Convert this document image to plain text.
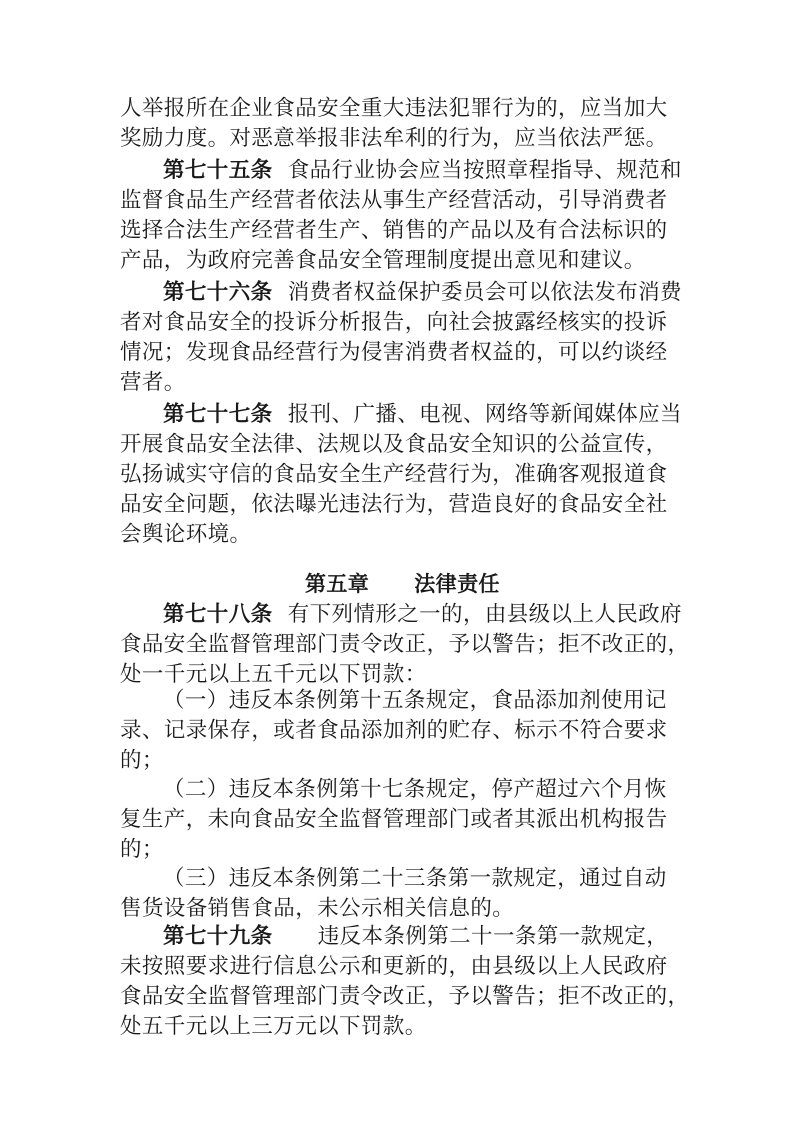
人举报所在企业食品安全重大违法犯罪行为的，应当加大
奖励力度。对恶意举报非法牟利的行为，应当依法严惩。
第七十五条 食品行业协会应当按照章程指导、规范和
监督食品生产经营者依法从事生产经营活动，引导消费者
选择合法生产经营者生产、销售的产品以及有合法标识的
产品，为政府完善食品安全管理制度提出意见和建议。
第七十六条 消费者权益保护委员会可以依法发布消费
者对食品安全的投诉分析报告，向社会披露经核实的投诉
情况；发现食品经营行为侵害消费者权益的，可以约谈经
营者。
第七十七条 报刊、广播、电视、网络等新闻媒体应当
开展食品安全法律、法规以及食品安全知识的公益宣传，
弘扬诚实守信的食品安全生产经营行为，准确客观报道食
品安全问题，依法曝光违法行为，营造良好的食品安全社
会舆论环境。
第五章 法律责任
第七十八条 有下列情形之一的，由县级以上人民政府
食品安全监督管理部门责令改正，予以警告；拒不改正的，
处一千元以上五千元以下罚款：
（一）违反本条例第十五条规定，食品添加剂使用记
录、记录保存，或者食品添加剂的贮存、标示不符合要求
的；
（二）违反本条例第十七条规定，停产超过六个月恢
复生产，未向食品安全监督管理部门或者其派出机构报告
的；
（三）违反本条例第二十三条第一款规定，通过自动
售货设备销售食品，未公示相关信息的。
第七十九条 违反本条例第二十一条第一款规定，
未按照要求进行信息公示和更新的，由县级以上人民政府
食品安全监督管理部门责令改正，予以警告；拒不改正的，
处五千元以上三万元以下罚款。
